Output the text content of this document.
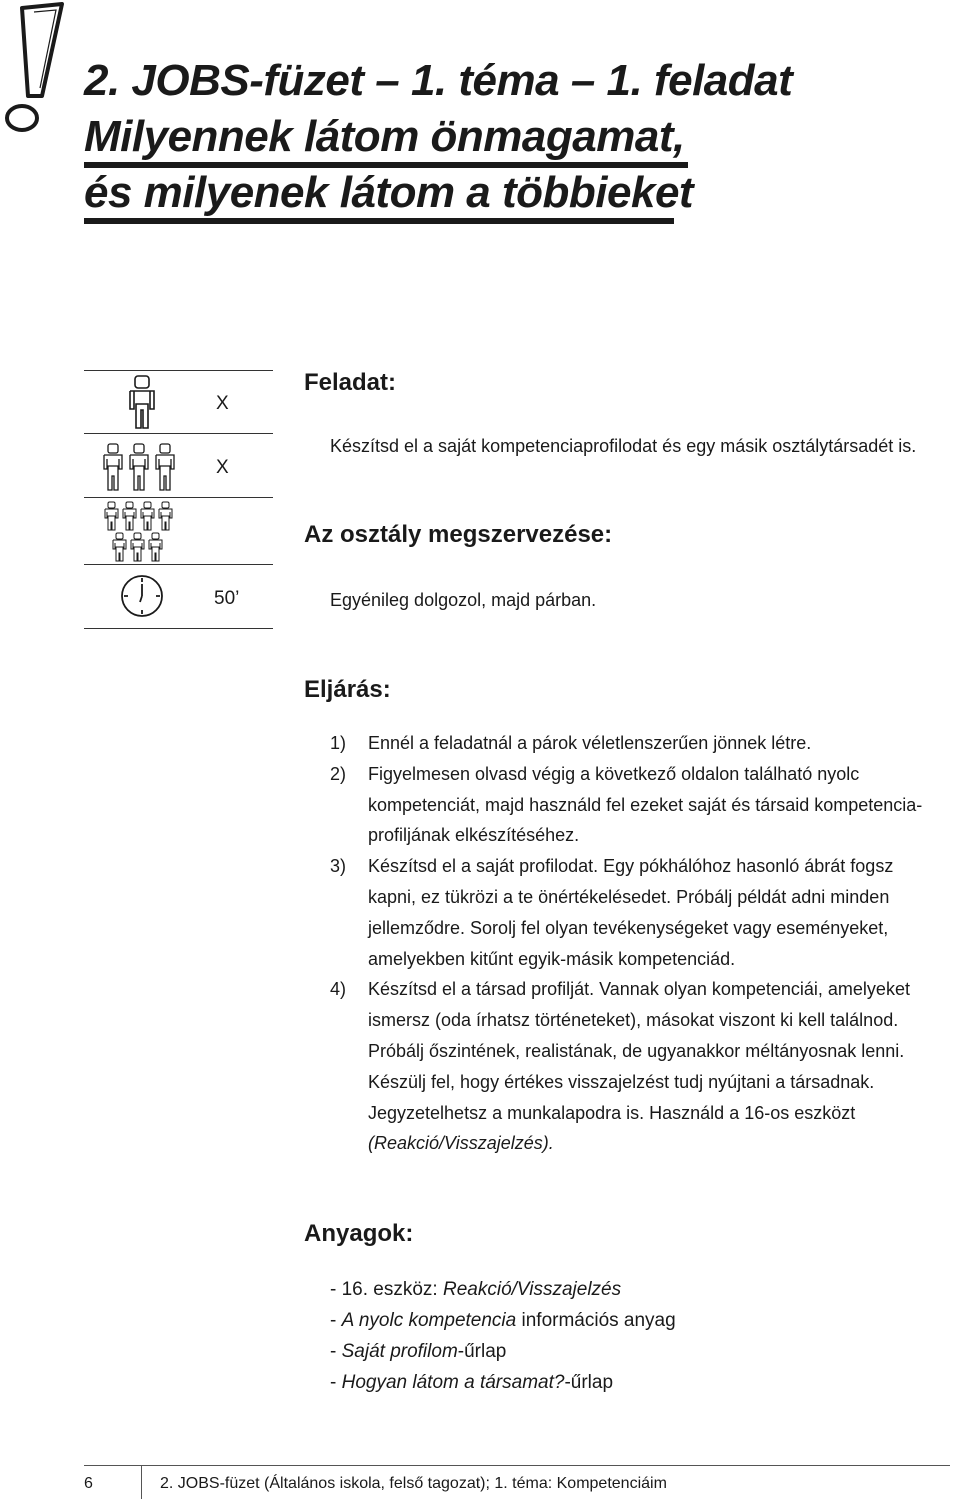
2. JOBS-füzet – 1. téma – 1. feladat
Milyennek látom önmagamat,
és milyenek látom a többieket
X
X
50’
Feladat:
Készítsd el a saját kompetenciaprofilodat és egy másik osztálytársadét is.
Az osztály megszervezése:
Egyénileg dolgozol, majd párban.
Eljárás:
1) Ennél a feladatnál a párok véletlenszerűen jönnek létre.
2) Figyelmesen olvasd végig a következő oldalon található nyolc kompetenciát, majd használd fel ezeket saját és társaid kompetencia-profiljának elkészítéséhez.
3) Készítsd el a saját profilodat. Egy pókhálóhoz hasonló ábrát fogsz kapni, ez tükrözi a te önértékelésedet. Próbálj példát adni minden jellemződre. Sorolj fel olyan tevékenységeket vagy eseményeket, amelyekben kitűnt egyik-másik kompetenciád.
4) Készítsd el a társad profilját. Vannak olyan kompetenciái, amelyeket ismersz (oda írhatsz történeteket), másokat viszont ki kell találnod. Próbálj őszintének, realistának, de ugyanakkor méltányosnak lenni. Készülj fel, hogy értékes visszajelzést tudj nyújtani a társadnak. Jegyzetelhetsz a munkalapodra is. Használd a 16-os eszközt (Reakció/Visszajelzés).
Anyagok:
- 16. eszköz: Reakció/Visszajelzés
- A nyolc kompetencia információs anyag
- Saját profilom-űrlap
- Hogyan látom a társamat?-űrlap
6	2. JOBS-füzet (Általános iskola, felső tagozat); 1. téma: Kompetenciáim
